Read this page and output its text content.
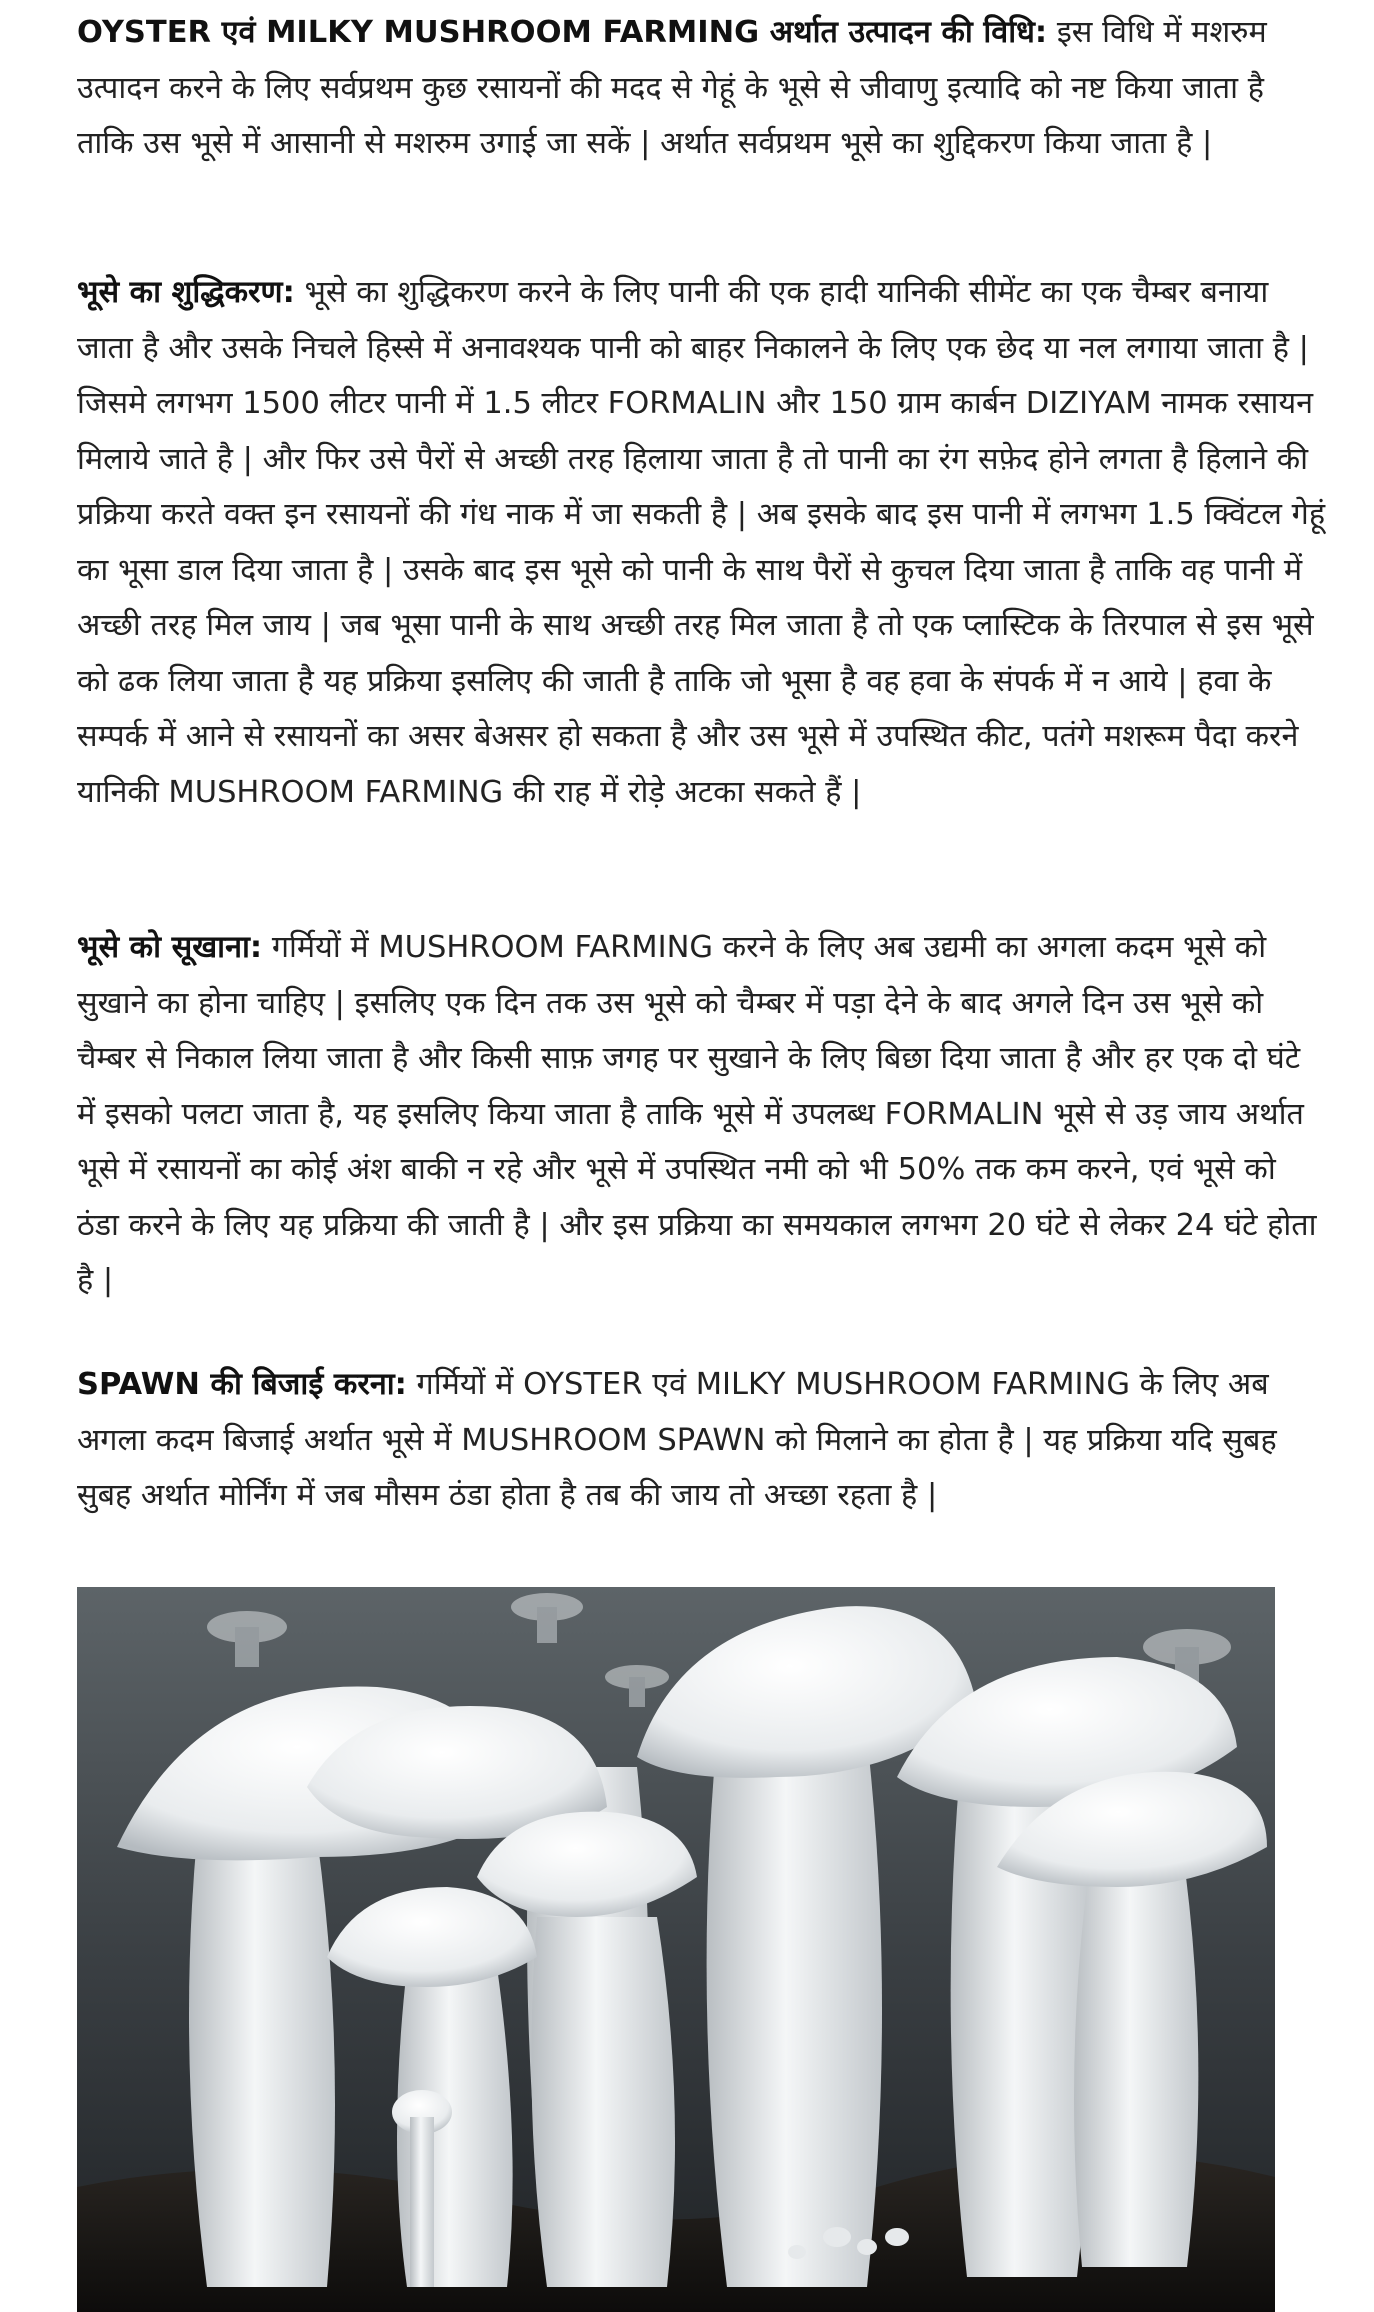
OYSTER एवं MILKY MUSHROOM FARMING अर्थात उत्पादन की विधि: इस विधि में मशरुम उत्पादन करने के लिए सर्वप्रथम कुछ रसायनों की मदद से गेहूं के भूसे से जीवाणु इत्यादि को नष्ट किया जाता है ताकि उस भूसे में आसानी से मशरुम उगाई जा सकें | अर्थात सर्वप्रथम भूसे का शुद्दिकरण किया जाता है |

भूसे का शुद्धिकरण: भूसे का शुद्धिकरण करने के लिए पानी की एक हादी यानिकी सीमेंट का एक चैम्बर बनाया जाता है और उसके निचले हिस्से में अनावश्यक पानी को बाहर निकालने के लिए एक छेद या नल लगाया जाता है | जिसमे लगभग 1500 लीटर पानी में 1.5 लीटर FORMALIN और 150 ग्राम कार्बन DIZIYAM नामक रसायन मिलाये जाते है | और फिर उसे पैरों से अच्छी तरह हिलाया जाता है तो पानी का रंग सफ़ेद होने लगता है हिलाने की प्रक्रिया करते वक्त इन रसायनों की गंध नाक में जा सकती है | अब इसके बाद इस पानी में लगभग 1.5 क्विंटल गेहूं का भूसा डाल दिया जाता है | उसके बाद इस भूसे को पानी के साथ पैरों से कुचल दिया जाता है ताकि वह पानी में अच्छी तरह मिल जाय | जब भूसा पानी के साथ अच्छी तरह मिल जाता है तो एक प्लास्टिक के तिरपाल से इस भूसे को ढक लिया जाता है यह प्रक्रिया इसलिए की जाती है ताकि जो भूसा है वह हवा के संपर्क में न आये | हवा के सम्पर्क में आने से रसायनों का असर बेअसर हो सकता है और उस भूसे में उपस्थित कीट, पतंगे मशरूम पैदा करने यानिकी MUSHROOM FARMING की राह में रोड़े अटका सकते हैं |

भूसे को सूखाना: गर्मियों में MUSHROOM FARMING करने के लिए अब उद्यमी का अगला कदम भूसे को सुखाने का होना चाहिए | इसलिए एक दिन तक उस भूसे को चैम्बर में पड़ा देने के बाद अगले दिन उस भूसे को चैम्बर से निकाल लिया जाता है और किसी साफ़ जगह पर सुखाने के लिए बिछा दिया जाता है और हर एक दो घंटे में इसको पलटा जाता है, यह इसलिए किया जाता है ताकि भूसे में उपलब्ध FORMALIN भूसे से उड़ जाय अर्थात भूसे में रसायनों का कोई अंश बाकी न रहे और भूसे में उपस्थित नमी को भी 50% तक कम करने, एवं भूसे को ठंडा करने के लिए यह प्रक्रिया की जाती है | और इस प्रक्रिया का समयकाल लगभग 20 घंटे से लेकर 24 घंटे होता है |

SPAWN की बिजाई करना: गर्मियों में OYSTER एवं MILKY MUSHROOM FARMING के लिए अब अगला कदम बिजाई अर्थात भूसे में MUSHROOM SPAWN को मिलाने का होता है | यह प्रक्रिया यदि सुबह सुबह अर्थात मोर्निंग में जब मौसम ठंडा होता है तब की जाय तो अच्छा रहता है |
